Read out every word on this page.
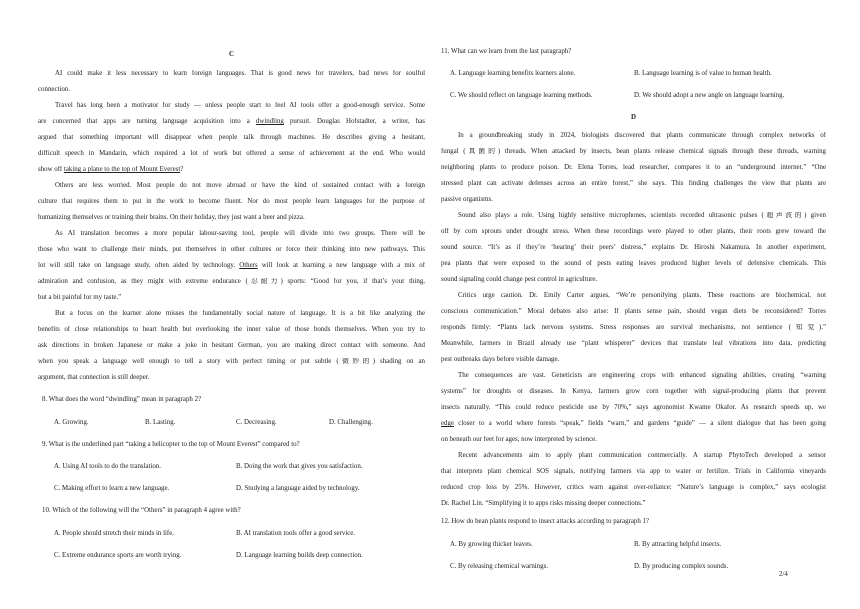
C
AI could make it less necessary to learn foreign languages. That is good news for travelers, bad news for soulful
connection.
Travel has long been a motivator for study — unless people start to feel AI tools offer a good-enough service. Some
are concerned that apps are turning language acquisition into a dwindling pursuit. Douglas Hofstadter, a writer, has
argued that something important will disappear when people talk through machines. He describes giving a hesitant,
difficult speech in Mandarin, which required a lot of work but offered a sense of achievement at the end. Who would
show off taking a plane to the top of Mount Everest?
Others are less worried. Most people do not move abroad or have the kind of sustained contact with a foreign
culture that requires them to put in the work to become fluent. Nor do most people learn languages for the purpose of
humanizing themselves or training their brains. On their holiday, they just want a beer and pizza.
As AI translation becomes a more popular labour-saving tool, people will divide into two groups. There will be
those who want to challenge their minds, put themselves in other cultures or force their thinking into new pathways. This
lot will still take on language study, often aided by technology. Others will look at learning a new language with a mix of
admiration and confusion, as they might with extreme endurance (忍耐力) sports: “Good for you, if that’s your thing,
but a bit painful for my taste.”
But a focus on the learner alone misses the fundamentally social nature of language. It is a bit like analyzing the
benefits of close relationships to heart health but overlooking the inner value of those bonds themselves. When you try to
ask directions in broken Japanese or make a joke in hesitant German, you are making direct contact with someone. And
when you speak a language well enough to tell a story with perfect timing or put subtle (微妙的) shading on an
argument, that connection is still deeper.
8. What does the word “dwindling” mean in paragraph 2?
A. Growing.	B. Lasting.	C. Decreasing.	D. Challenging.
9. What is the underlined part “taking a helicopter to the top of Mount Everest” compared to?
A. Using AI tools to do the translation.	B. Doing the work that gives you satisfaction.
C. Making effort to learn a new language.	D. Studying a language aided by technology.
10. Which of the following will the “Others” in paragraph 4 agree with?
A. People should stretch their minds in life.	B. AI translation tools offer a good service.
C. Extreme endurance sports are worth trying.	D. Language learning builds deep connection.
11. What can we learn from the last paragraph?
A. Language learning benefits learners alone.	B. Language learning is of value to human health.
C. We should reflect on language learning methods.	D. We should adopt a new angle on language learning.
D
In a groundbreaking study in 2024, biologists discovered that plants communicate through complex networks of
fungal (真菌的) threads. When attacked by insects, bean plants release chemical signals through these threads, warning
neighboring plants to produce poison. Dr. Elena Torres, lead researcher, compares it to an “underground internet.” “One
stressed plant can activate defenses across an entire forest,” she says. This finding challenges the view that plants are
passive organisms.
Sound also plays a role. Using highly sensitive microphones, scientists recorded ultrasonic pulses (超声波的) given
off by corn sprouts under drought stress. When these recordings were played to other plants, their roots grew toward the
sound source. “It’s as if they’re ‘hearing’ their peers’ distress,” explains Dr. Hiroshi Nakamura. In another experiment,
pea plants that were exposed to the sound of pests eating leaves produced higher levels of defensive chemicals. This
sound signaling could change pest control in agriculture.
Critics urge caution. Dr. Emily Carter argues, “We’re personifying plants. These reactions are biochemical, not
conscious communication.” Moral debates also arise: If plants sense pain, should vegan diets be reconsidered? Torres
responds firmly: “Plants lack nervous systems. Stress responses are survival mechanisms, not sentience (知觉).”
Meanwhile, farmers in Brazil already use “plant whisperer” devices that translate leaf vibrations into data, predicting
pest outbreaks days before visible damage.
The consequences are vast. Geneticists are engineering crops with enhanced signaling abilities, creating “warning
systems” for droughts or diseases. In Kenya, farmers grow corn together with signal-producing plants that prevent
insects naturally. “This could reduce pesticide use by 70%,” says agronomist Kwame Okafor. As research speeds up, we
edge closer to a world where forests “speak,” fields “warn,” and gardens “guide” — a silent dialogue that has been going
on beneath our feet for ages, now interpreted by science.
Recent advancements aim to apply plant communication commercially. A startup PhytoTech developed a sensor
that interprets plant chemical SOS signals, notifying farmers via app to water or fertilize. Trials in California vineyards
reduced crop loss by 25%. However, critics warn against over-reliance: “Nature’s language is complex,” says ecologist
Dr. Rachel Lin. “Simplifying it to apps risks missing deeper connections.”
12. How do bean plants respond to insect attacks according to paragraph 1?
A. By growing thicker leaves.	B. By attracting helpful insects.
C. By releasing chemical warnings.	D. By producing complex sounds.
2/4
